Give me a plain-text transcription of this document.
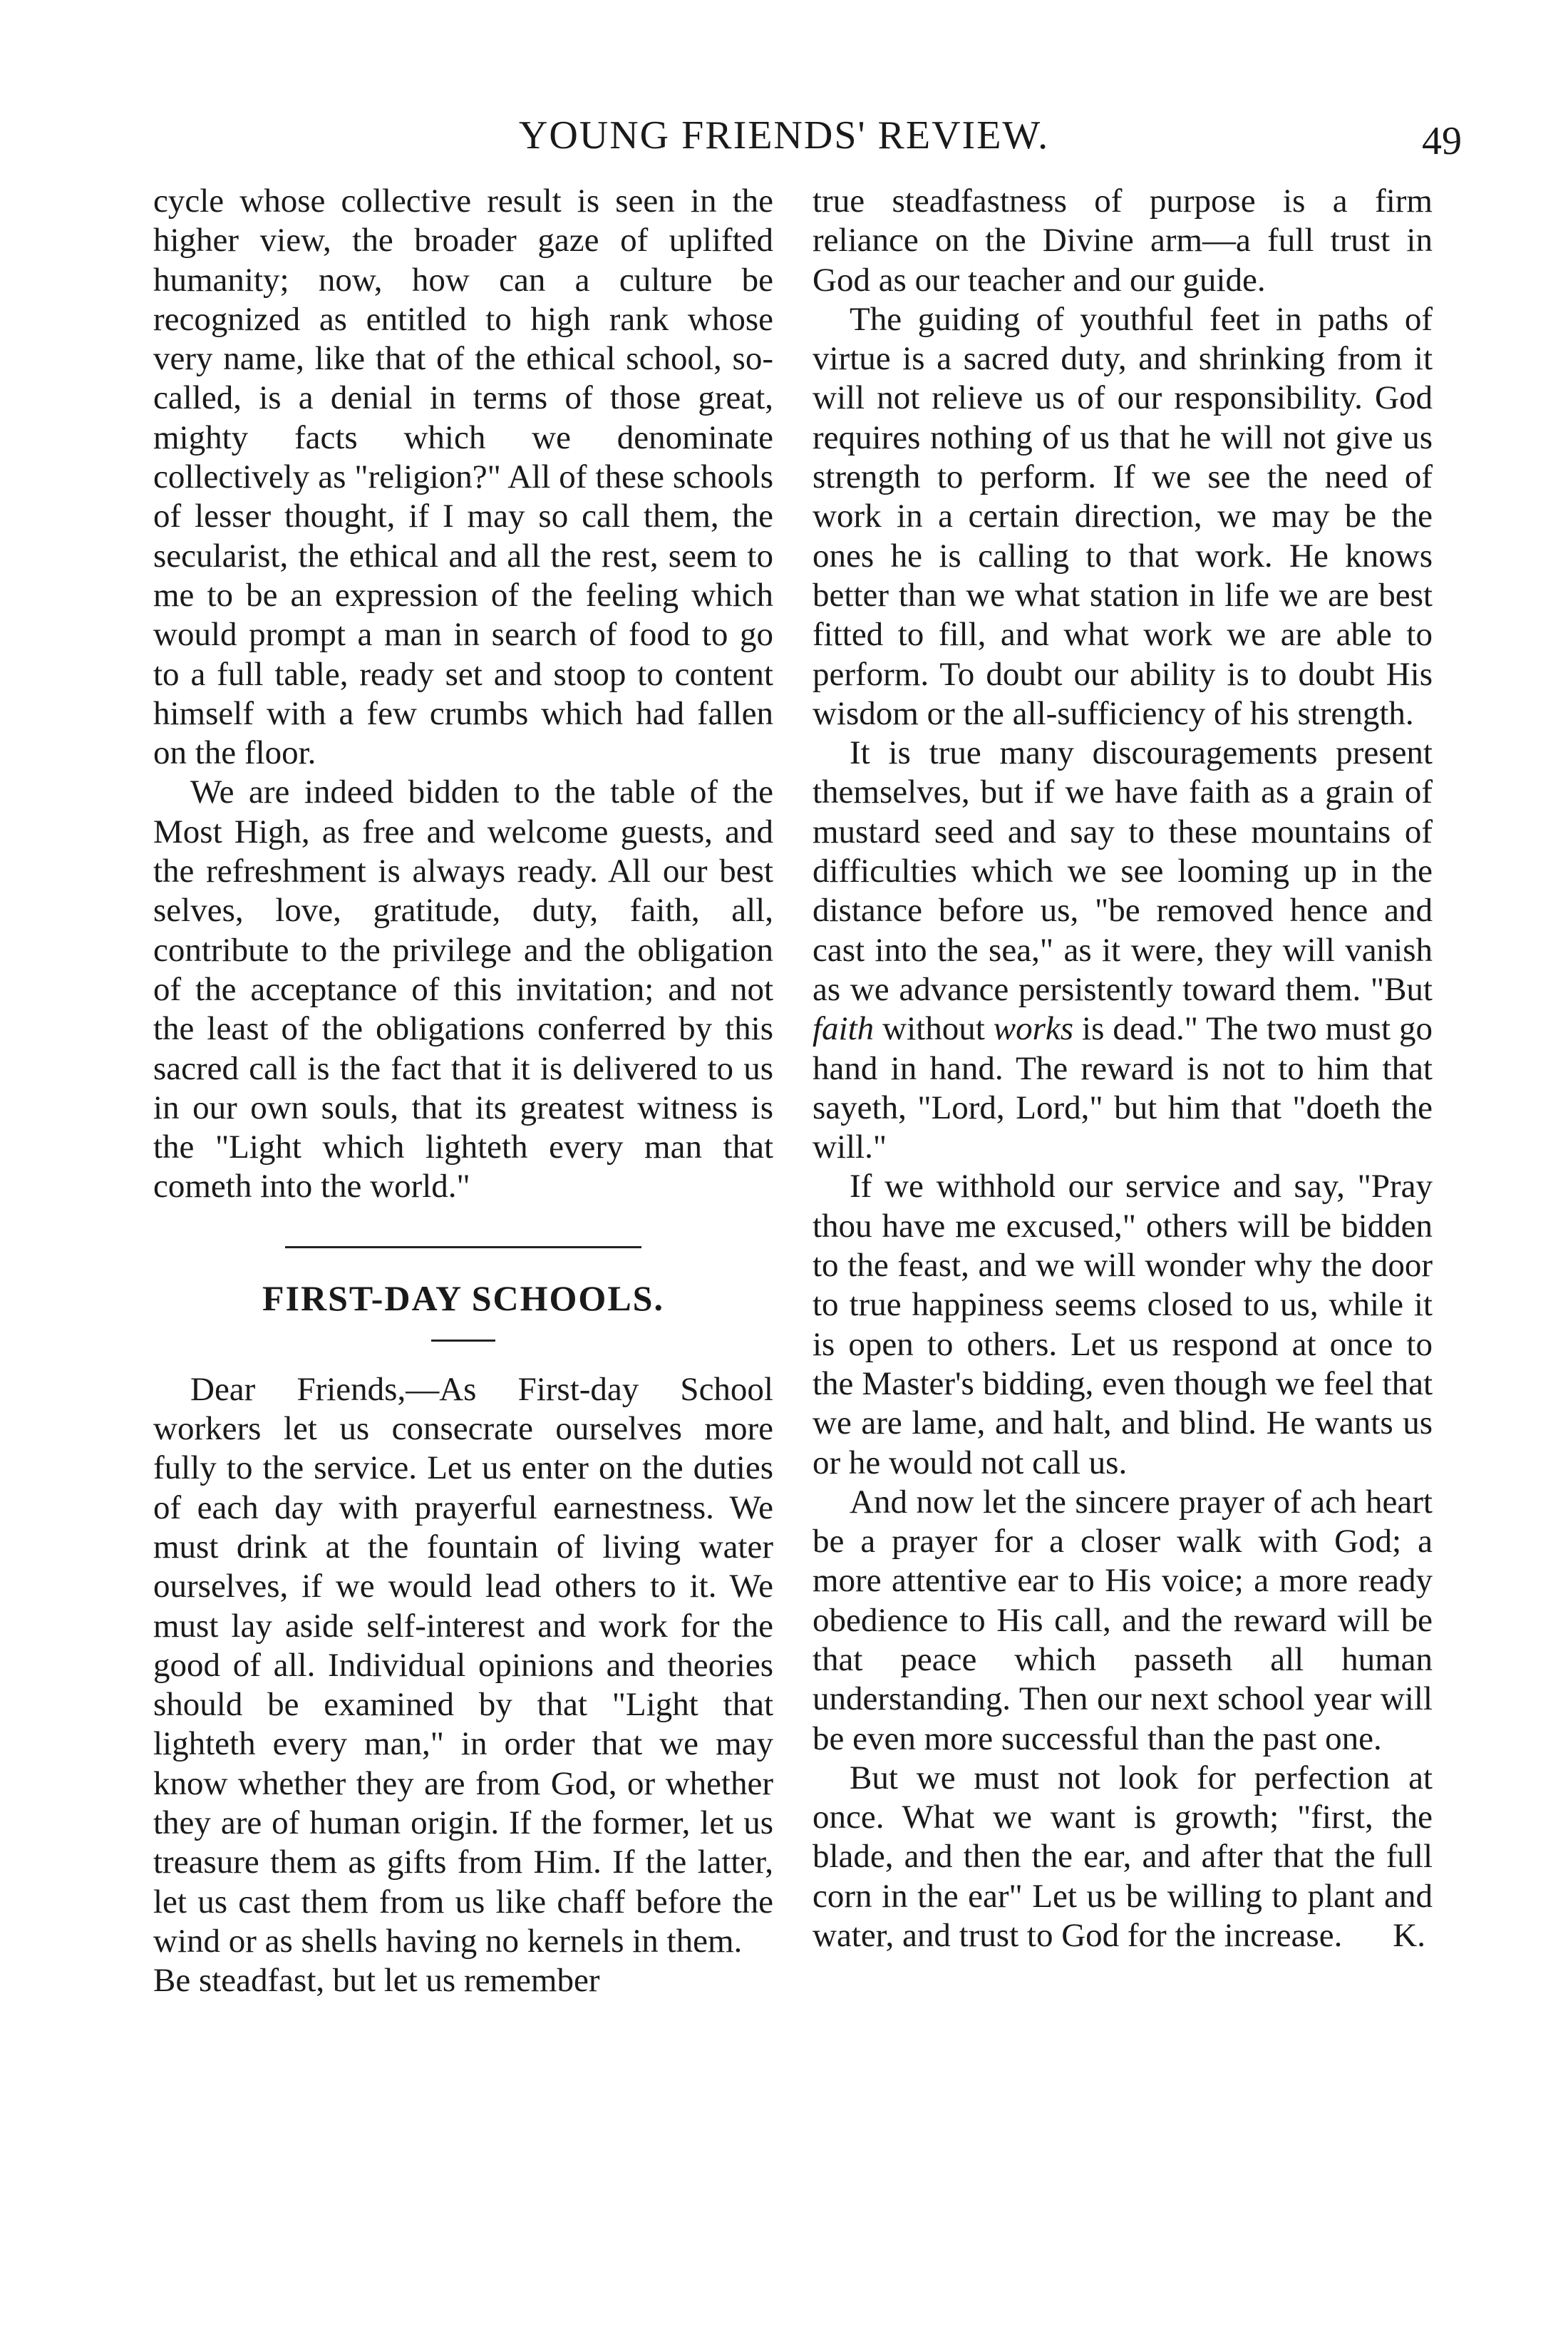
YOUNG FRIENDS' REVIEW.	49

cycle whose collective result is seen in the higher view, the broader gaze of uplifted humanity; now, how can a culture be recognized as entitled to high rank whose very name, like that of the ethical school, so-called, is a denial in terms of those great, mighty facts which we denominate collectively as "religion?" All of these schools of lesser thought, if I may so call them, the secularist, the ethical and all the rest, seem to me to be an expression of the feeling which would prompt a man in search of food to go to a full table, ready set and stoop to content himself with a few crumbs which had fallen on the floor.

We are indeed bidden to the table of the Most High, as free and welcome guests, and the refreshment is always ready. All our best selves, love, gratitude, duty, faith, all, contribute to the privilege and the obligation of the acceptance of this invitation; and not the least of the obligations conferred by this sacred call is the fact that it is delivered to us in our own souls, that its greatest witness is the "Light which lighteth every man that cometh into the world."

FIRST-DAY SCHOOLS.

Dear Friends,—As First-day School workers let us consecrate ourselves more fully to the service. Let us enter on the duties of each day with prayerful earnestness. We must drink at the fountain of living water ourselves, if we would lead others to it. We must lay aside self-interest and work for the good of all. Individual opinions and theories should be examined by that "Light that lighteth every man," in order that we may know whether they are from God, or whether they are of human origin. If the former, let us treasure them as gifts from Him. If the latter, let us cast them from us like chaff before the wind or as shells having no kernels in them.

Be steadfast, but let us remember

true steadfastness of purpose is a firm reliance on the Divine arm—a full trust in God as our teacher and our guide.

The guiding of youthful feet in paths of virtue is a sacred duty, and shrinking from it will not relieve us of our responsibility. God requires nothing of us that he will not give us strength to perform. If we see the need of work in a certain direction, we may be the ones he is calling to that work. He knows better than we what station in life we are best fitted to fill, and what work we are able to perform. To doubt our ability is to doubt His wisdom or the all-sufficiency of his strength.

It is true many discouragements present themselves, but if we have faith as a grain of mustard seed and say to these mountains of difficulties which we see looming up in the distance before us, "be removed hence and cast into the sea," as it were, they will vanish as we advance persistently toward them. "But faith without works is dead." The two must go hand in hand. The reward is not to him that sayeth, "Lord, Lord," but him that "doeth the will."

If we withhold our service and say, "Pray thou have me excused," others will be bidden to the feast, and we will wonder why the door to true happiness seems closed to us, while it is open to others. Let us respond at once to the Master's bidding, even though we feel that we are lame, and halt, and blind. He wants us or he would not call us.

And now let the sincere prayer of ach heart be a prayer for a closer walk with God; a more attentive ear to His voice; a more ready obedience to His call, and the reward will be that peace which passeth all human understanding. Then our next school year will be even more successful than the past one.

But we must not look for perfection at once. What we want is growth; "first, the blade, and then the ear, and after that the full corn in the ear" Let us be willing to plant and water, and trust to God for the increase.	K.
